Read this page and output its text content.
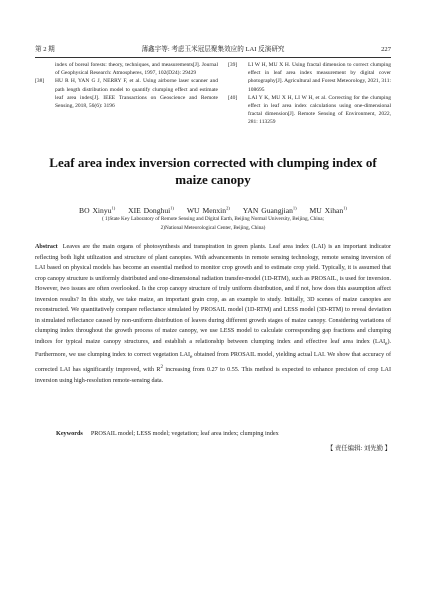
第 2 期	薄鑫宇等: 考虑玉米冠层聚集效应的 LAI 反演研究	227

index of boreal forests: theory, techniques, and measurements[J]. Journal of Geophysical Research: Atmospheres, 1997, 102(D24): 29429

[38] HU R H, YAN G J, NERRY F, et al. Using airborne laser scanner and path length distribution model to quantify clumping effect and estimate leaf area index[J]. IEEE Transactions on Geoscience and Remote Sensing, 2018, 56(6): 3196

[39] LI W H, MU X H. Using fractal dimension to correct clumping effect in leaf area index measurement by digital cover photography[J]. Agricultural and Forest Meteorology, 2021, 311: 108695

[40] LAI Y K, MU X H, LI W H, et al. Correcting for the clumping effect in leaf area index calculations using one-dimensional fractal dimension[J]. Remote Sensing of Environment, 2022, 281: 113259

Leaf area index inversion corrected with clumping index of maize canopy
BO Xinyu$^{1)}$ XIE Donghui$^{1)}$ WU Menxin$^{2)}$ YAN Guangjian$^{1)}$ MU Xihan$^{1)}$
( 1)State Key Laboratory of Remote Sensing and Digital Earth, Beijing Normal University, Beijing, China;
2)National Meteorological Center, Beijing, China)
Abstract Leaves are the main organs of photosynthesis and transpiration in green plants. Leaf area index (LAI) is an important indicator reflecting both light utilization and structure of plant canopies. With advancements in remote sensing technology, remote sensing inversion of LAI based on physical models has become an essential method to monitor crop growth and to estimate crop yield. Typically, it is assumed that crop canopy structure is uniformly distributed and one-dimensional radiation transfer-model (1D-RTM), such as PROSAIL, is used for inversion. However, two issues are often overlooked. Is the crop canopy structure of truly uniform distribution, and if not, how does this assumption affect inversion results? In this study, we take maize, an important grain crop, as an example to study. Initially, 3D scenes of maize canopies are reconstructed. We quantitatively compare reflectance simulated by PROSAIL model (1D-RTM) and LESS model (3D-RTM) to reveal deviation in simulated reflectance caused by non-uniform distribution of leaves during different growth stages of maize canopy. Considering variations of clumping index throughout the growth process of maize canopy, we use LESS model to calculate corresponding gap fractions and clumping indices for typical maize canopy structures, and establish a relationship between clumping index and effective leaf area index $(LAI_e)$. Furthermore, we use clumping index to correct vegetation $LAI_e$ obtained from PROSAIL model, yielding actual LAI. We show that accuracy of corrected LAI has significantly improved, with $R^2$ increasing from 0.27 to 0.55. This method is expected to enhance precision of crop LAI inversion using high-resolution remote-sensing data.
Keywords PROSAIL model; LESS model; vegetation; leaf area index; clumping index
【 责任编辑: 刘先勤 】
